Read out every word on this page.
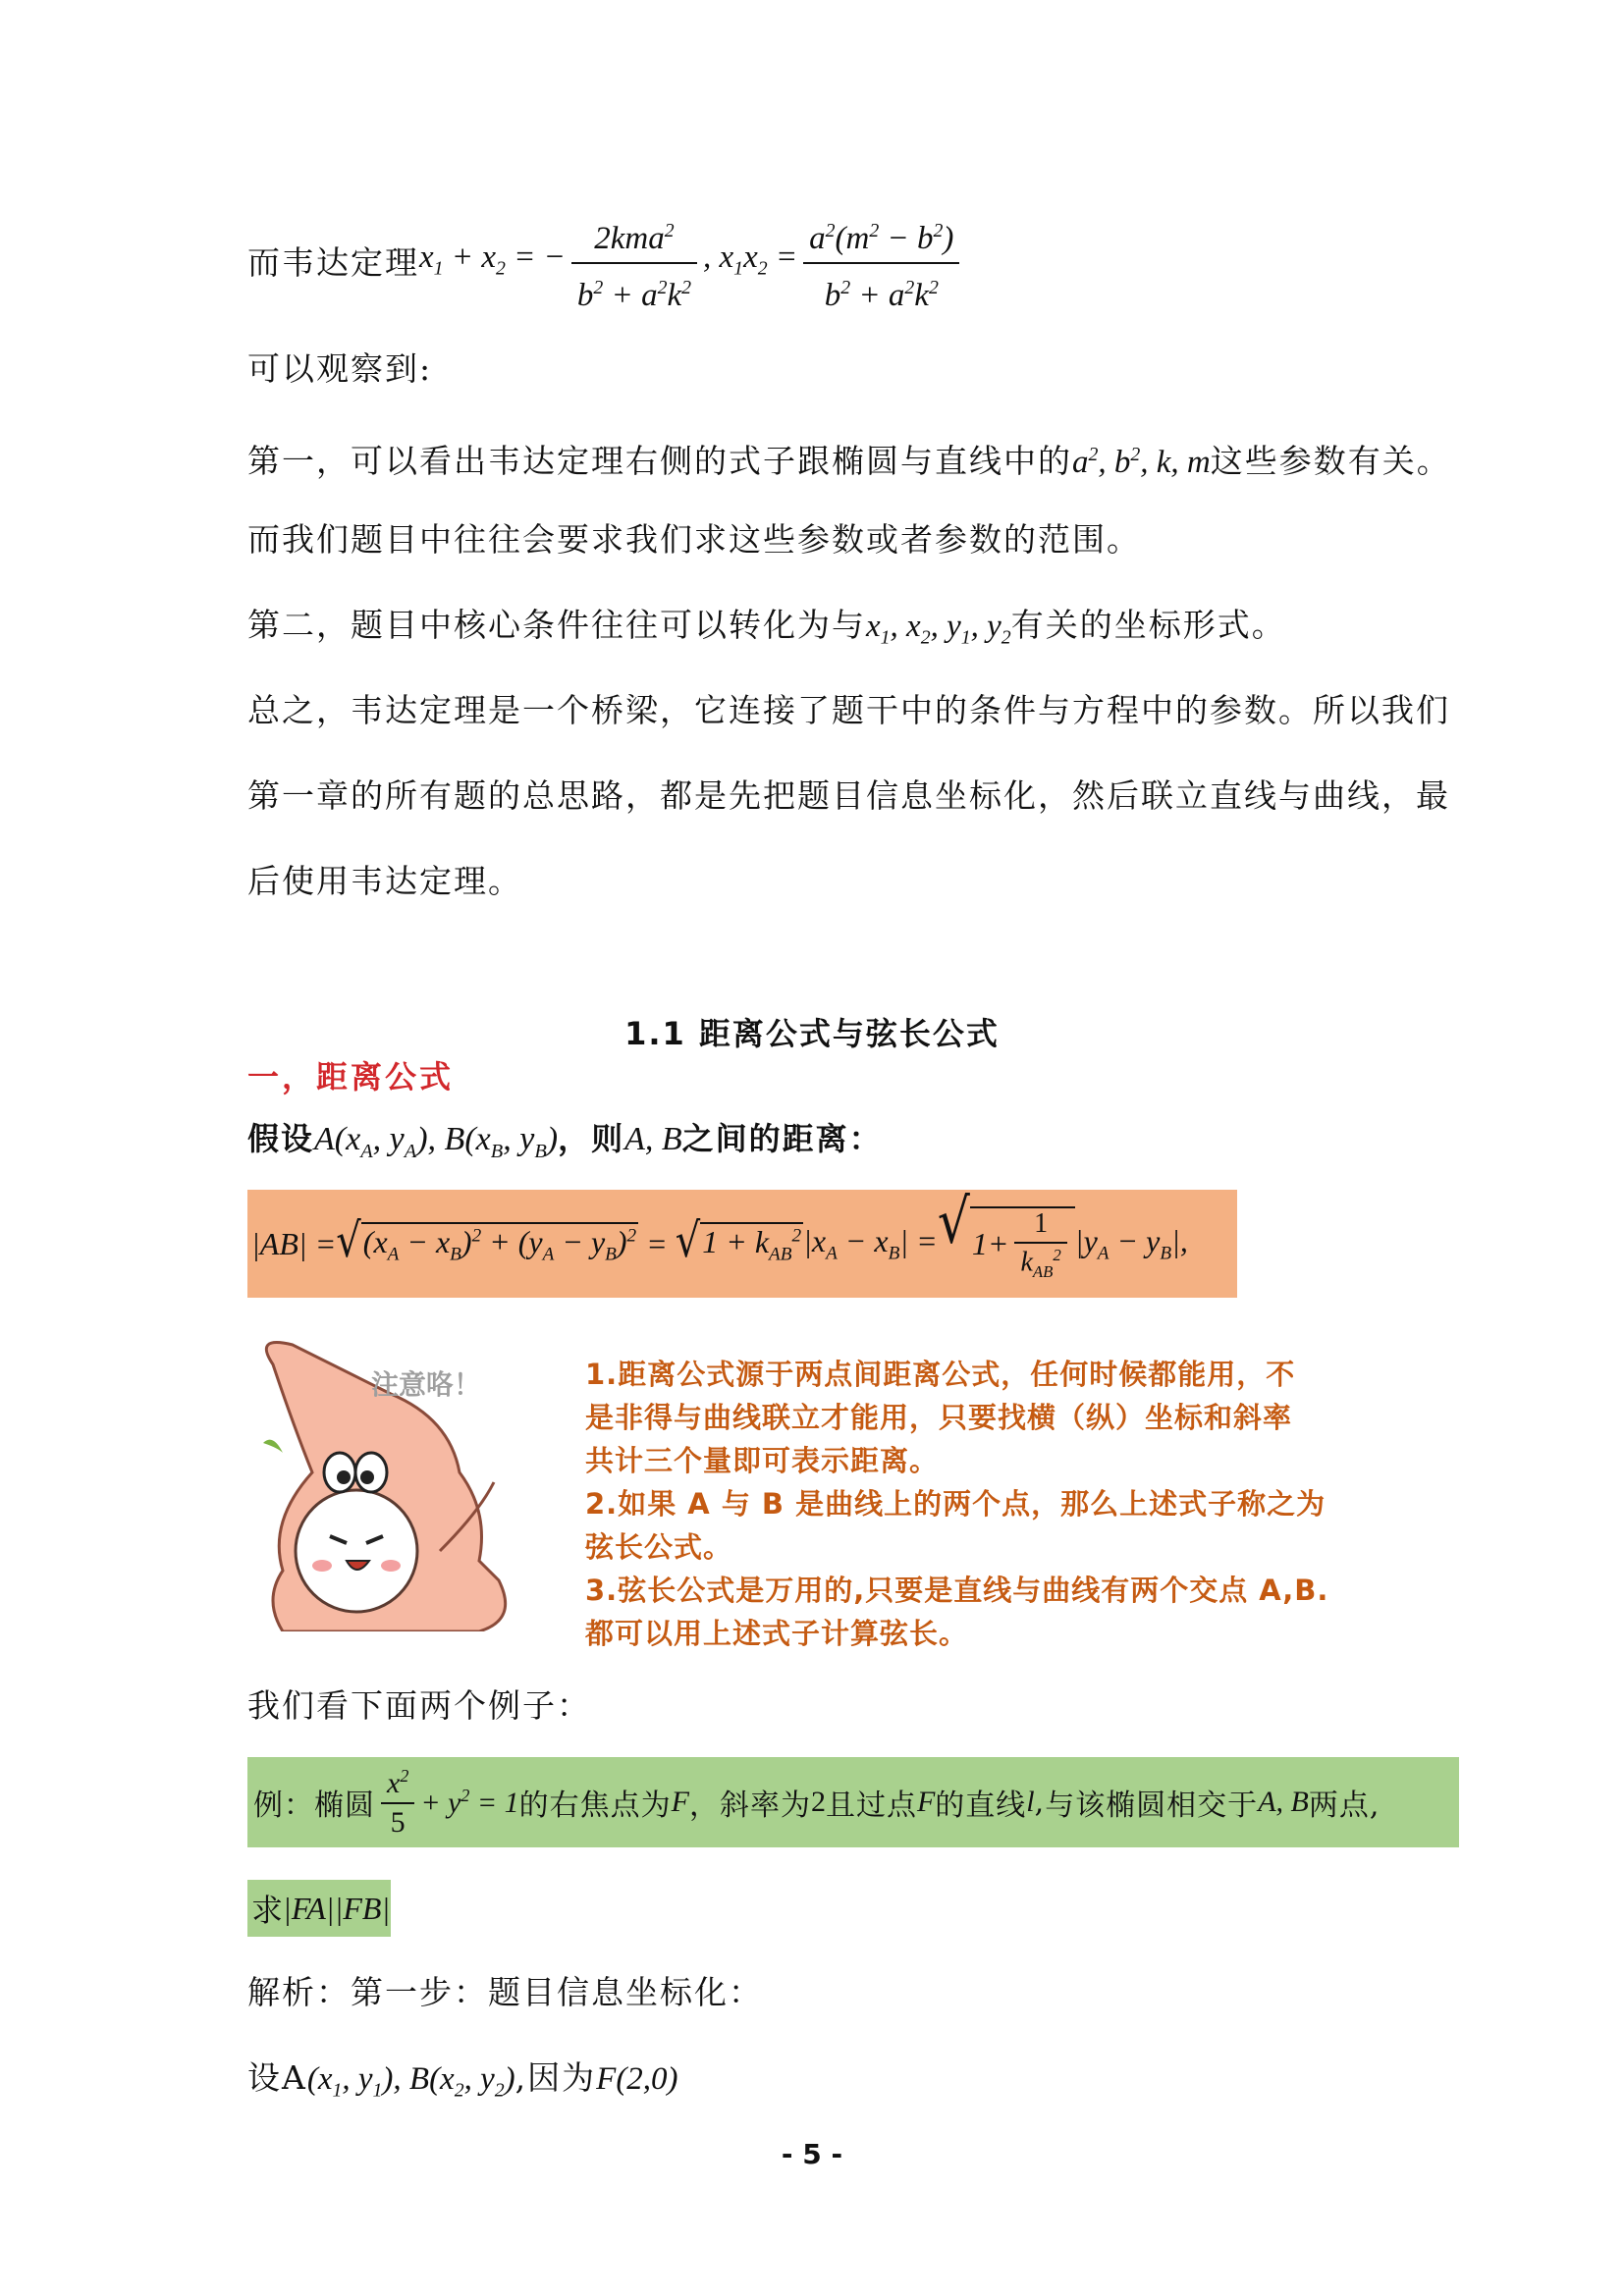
而韦达定理 $x_1 + x_2$ = − $\frac{2kma^2}{b^2 + a^2k^2}$ , $x_1x_2 = \frac{a^2(m^2 - b^2)}{b^2 + a^2k^2}$
可以观察到:
第一，可以看出韦达定理右侧的式子跟椭圆与直线中的$a^2$, $b^2$, k, m这些参数有关。
而我们题目中往往会要求我们求这些参数或者参数的范围。
第二，题目中核心条件往往可以转化为与$x_1$, $x_2$, $y_1$, $y_2$有关的坐标形式。
总之，韦达定理是一个桥梁，它连接了题干中的条件与方程中的参数。所以我们
第一章的所有题的总思路，都是先把题目信息坐标化，然后联立直线与曲线，最
后使用韦达定理。
1.1 距离公式与弦长公式
一，距离公式
假设$A(x_A$, $y_A$), $B(x_B$, $y_B$)，则A, B之间的距离：
|AB| = √ $(x_A - x_B)^2 + (y_A - y_B)^2$ = √ $1 + k_{AB}^2$ $|x_A - x_B|$ = √ $1+ \frac{1}{k_{AB}^2} |y_A - y_B|$,
注意咯！	1.距离公式源于两点间距离公式，任何时候都能用，不

是非得与曲线联立才能用，只要找横（纵）坐标和斜率

共计三个量即可表示距离。

2.如果 A 与 B 是曲线上的两个点，那么上述式子称之为

弦长公式。

3.弦长公式是万用的,只要是直线与曲线有两个交点 A,B.

都可以用上述式子计算弦长。

我们看下面两个例子：
例：椭圆 $\frac{x^2}{5} + y^2 = 1$ 的右焦点为 F ，斜率为 2 且过点 F 的直线 l , 与该椭圆相交于 A, B 两点,
求 |FA||FB|
解析：第一步：题目信息坐标化：
设$A(x_1$, $y_1$), $B(x_2$, $y_2$),因为F(2,0)
- 5 -
